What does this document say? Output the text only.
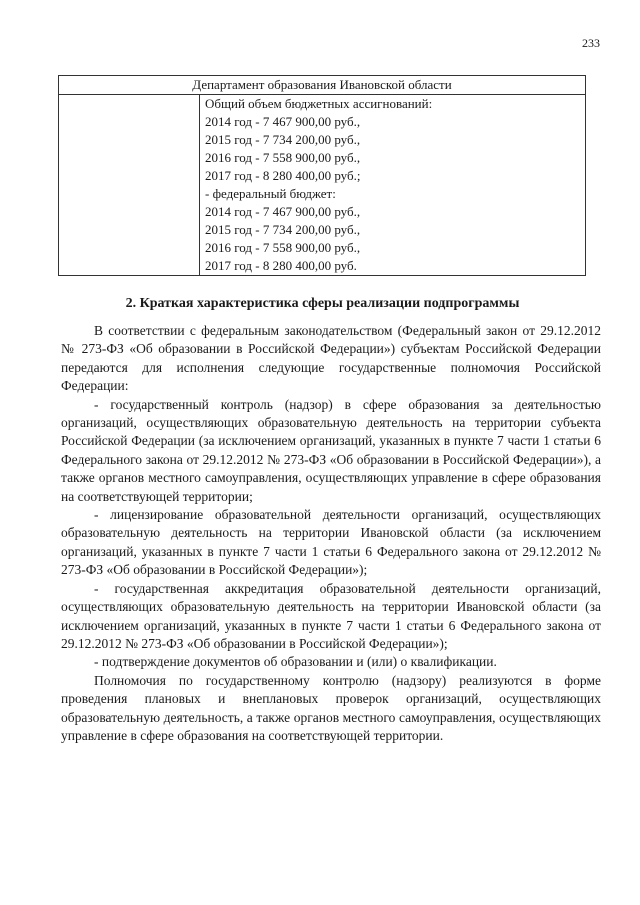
233
Департамент образования Ивановской области

Общий объем бюджетных ассигнований:
2014 год - 7 467 900,00 руб.,
2015 год - 7 734 200,00 руб.,
2016 год - 7 558 900,00 руб.,
2017 год - 8 280 400,00 руб.;
- федеральный бюджет:
2014 год - 7 467 900,00 руб.,
2015 год - 7 734 200,00 руб.,
2016 год - 7 558 900,00 руб.,
2017 год - 8 280 400,00 руб.
2. Краткая характеристика сферы реализации подпрограммы

В соответствии с федеральным законодательством (Федеральный закон от 29.12.2012 № 273-ФЗ «Об образовании в Российской Федерации») субъектам Российской Федерации передаются для исполнения следующие государственные полномочия Российской Федерации:

- государственный контроль (надзор) в сфере образования за деятельностью организаций, осуществляющих образовательную деятельность на территории субъекта Российской Федерации (за исключением организаций, указанных в пункте 7 части 1 статьи 6 Федерального закона от 29.12.2012 № 273-ФЗ «Об образовании в Российской Федерации»), а также органов местного самоуправления, осуществляющих управление в сфере образования на соответствующей территории;

- лицензирование образовательной деятельности организаций, осуществляющих образовательную деятельность на территории Ивановской области (за исключением организаций, указанных в пункте 7 части 1 статьи 6 Федерального закона от 29.12.2012 № 273-ФЗ «Об образовании в Российской Федерации»);

- государственная аккредитация образовательной деятельности организаций, осуществляющих образовательную деятельность на территории Ивановской области (за исключением организаций, указанных в пункте 7 части 1 статьи 6 Федерального закона от 29.12.2012 № 273-ФЗ «Об образовании в Российской Федерации»);

- подтверждение документов об образовании и (или) о квалификации.

Полномочия по государственному контролю (надзору) реализуются в форме проведения плановых и внеплановых проверок организаций, осуществляющих образовательную деятельность, а также органов местного самоуправления, осуществляющих управление в сфере образования на соответствующей территории.
